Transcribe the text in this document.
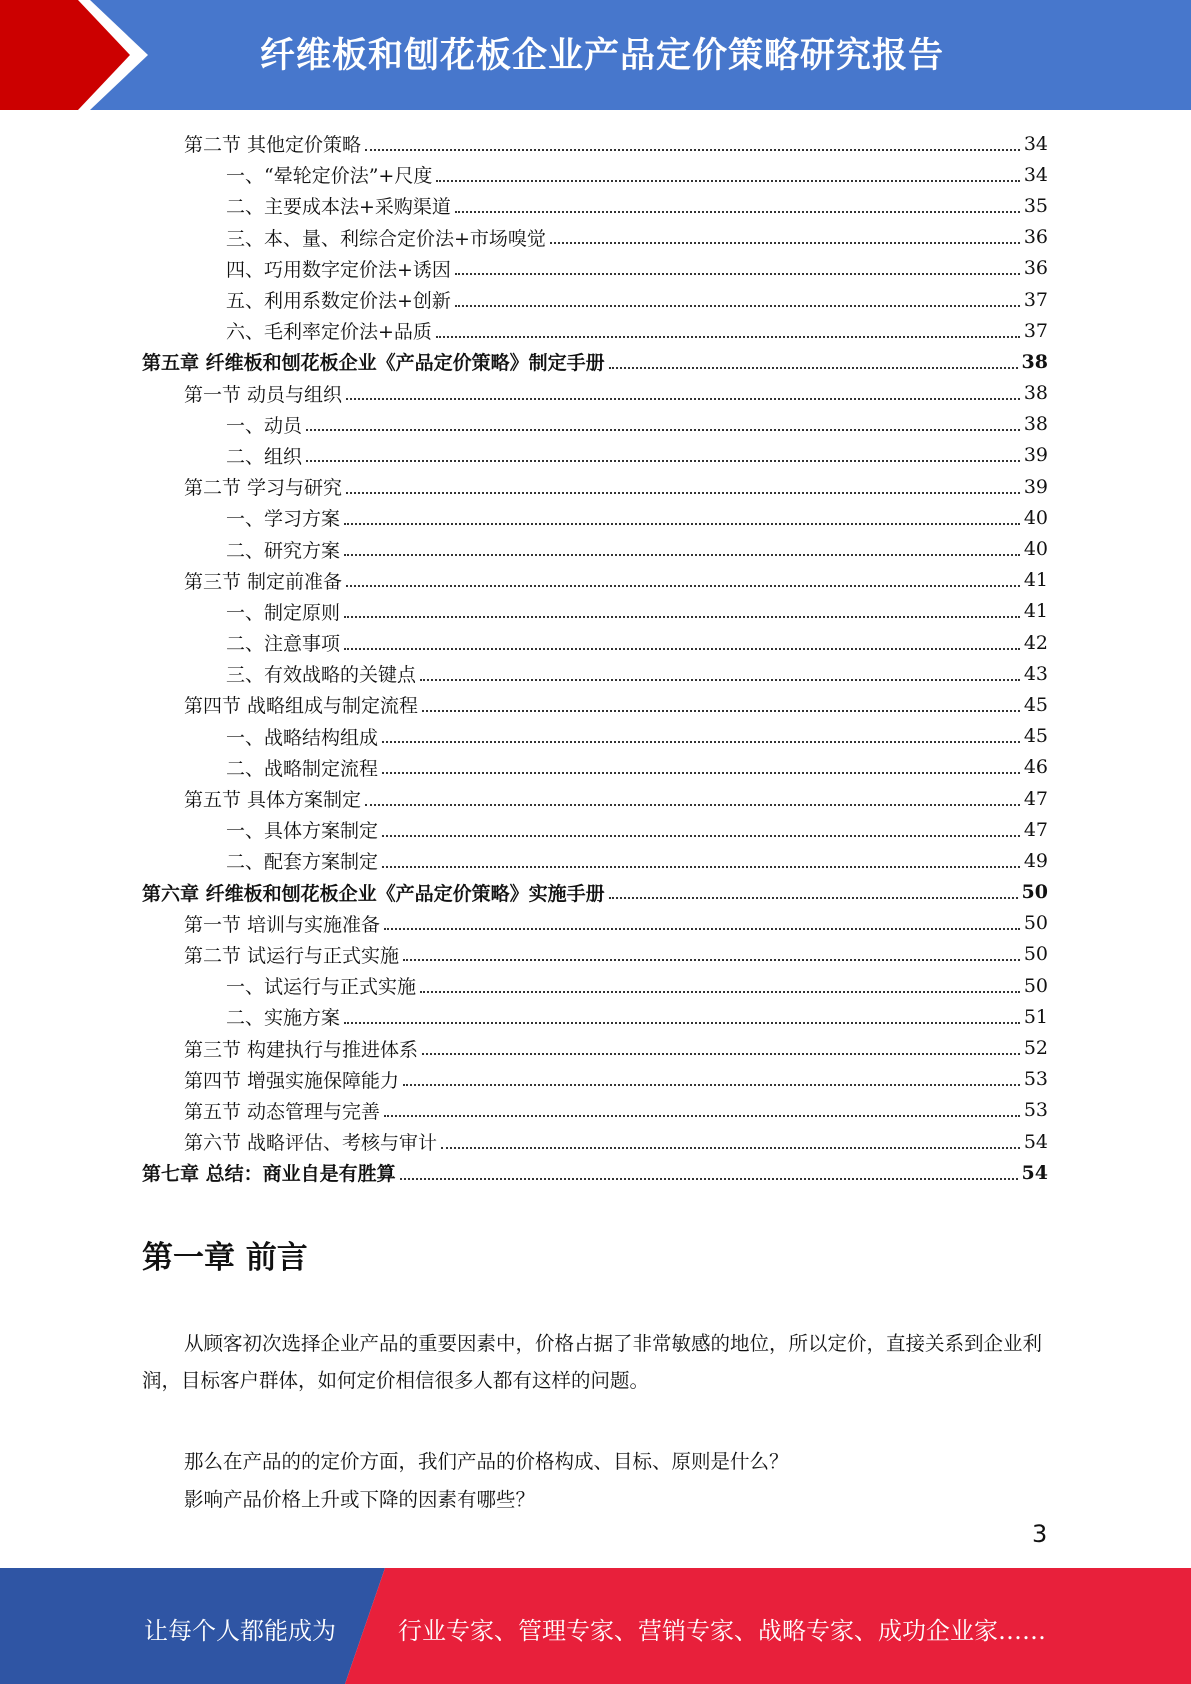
纤维板和刨花板企业产品定价策略研究报告
第二节 其他定价策略	34
一、“晕轮定价法”+尺度	34
二、主要成本法+采购渠道	35
三、本、量、利综合定价法+市场嗅觉	36
四、巧用数字定价法+诱因	36
五、利用系数定价法+创新	37
六、毛利率定价法+品质	37
第五章 纤维板和刨花板企业《产品定价策略》制定手册	38
第一节 动员与组织	38
一、动员	38
二、组织	39
第二节 学习与研究	39
一、学习方案	40
二、研究方案	40
第三节 制定前准备	41
一、制定原则	41
二、注意事项	42
三、有效战略的关键点	43
第四节 战略组成与制定流程	45
一、战略结构组成	45
二、战略制定流程	46
第五节 具体方案制定	47
一、具体方案制定	47
二、配套方案制定	49
第六章 纤维板和刨花板企业《产品定价策略》实施手册	50
第一节 培训与实施准备	50
第二节 试运行与正式实施	50
一、试运行与正式实施	50
二、实施方案	51
第三节 构建执行与推进体系	52
第四节 增强实施保障能力	53
第五节 动态管理与完善	53
第六节 战略评估、考核与审计	54
第七章 总结：商业自是有胜算	54
第一章 前言
从顾客初次选择企业产品的重要因素中，价格占据了非常敏感的地位，所以定价，直接关系到企业利润，目标客户群体，如何定价相信很多人都有这样的问题。
那么在产品的的定价方面，我们产品的价格构成、目标、原则是什么？
影响产品价格上升或下降的因素有哪些？
3
让每个人都能成为	行业专家、管理专家、营销专家、战略专家、成功企业家……
